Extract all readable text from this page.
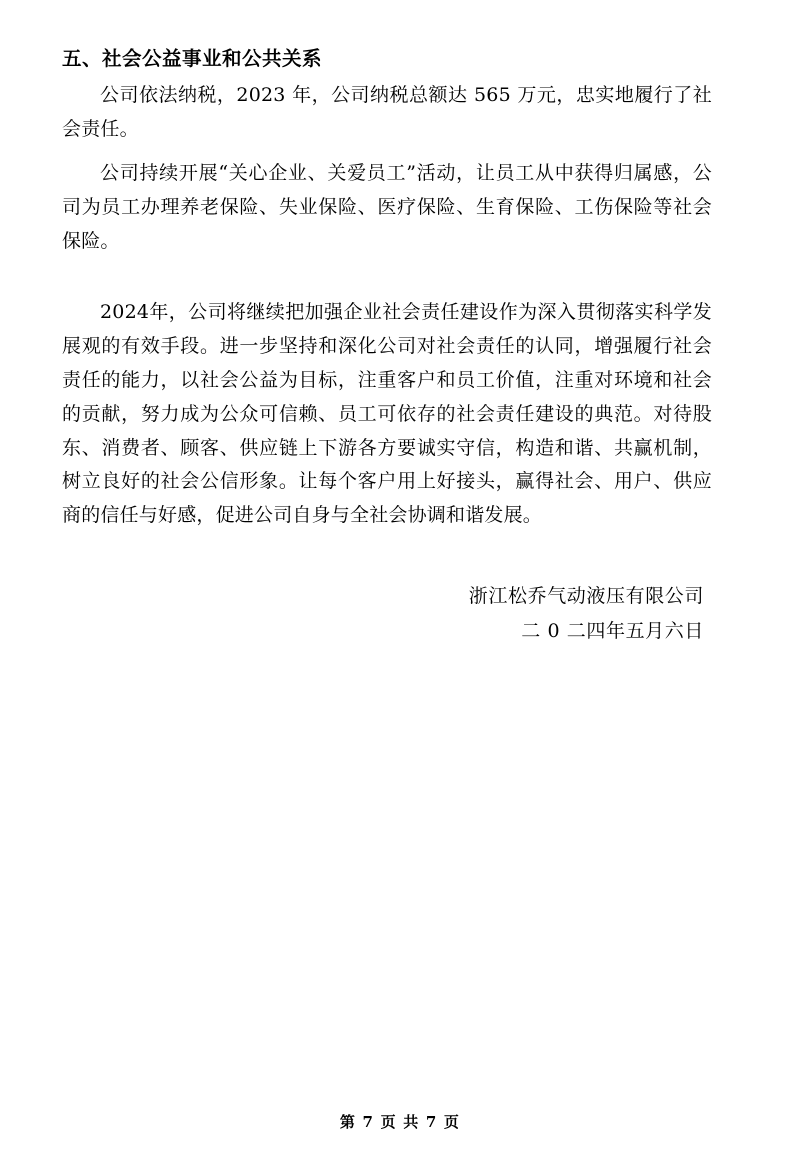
五、社会公益事业和公共关系

公司依法纳税，2023 年，公司纳税总额达 565 万元，忠实地履行了社会责任。

公司持续开展“关心企业、关爱员工”活动，让员工从中获得归属感，公司为员工办理养老保险、失业保险、医疗保险、生育保险、工伤保险等社会保险。

2024年，公司将继续把加强企业社会责任建设作为深入贯彻落实科学发展观的有效手段。进一步坚持和深化公司对社会责任的认同，增强履行社会责任的能力，以社会公益为目标，注重客户和员工价值，注重对环境和社会的贡献，努力成为公众可信赖、员工可依存的社会责任建设的典范。对待股东、消费者、顾客、供应链上下游各方要诚实守信，构造和谐、共赢机制，树立良好的社会公信形象。让每个客户用上好接头，赢得社会、用户、供应商的信任与好感，促进公司自身与全社会协调和谐发展。

浙江松乔气动液压有限公司
二 0 二四年五月六日
第 7 页 共 7 页
